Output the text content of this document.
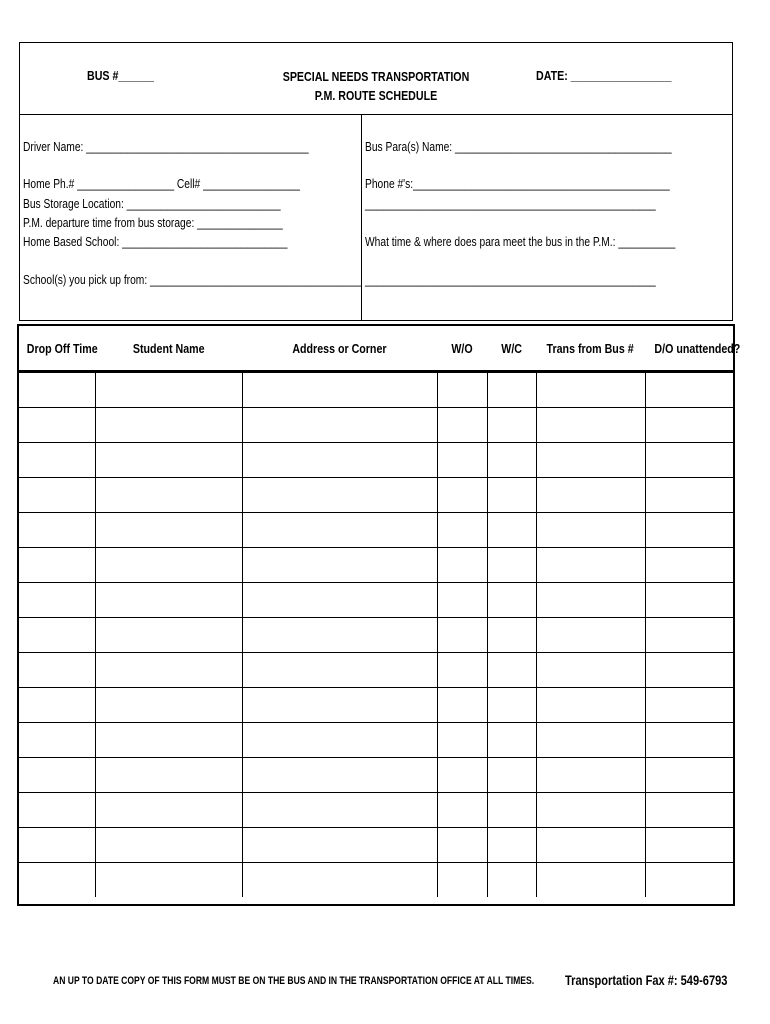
BUS #______	SPECIAL NEEDS TRANSPORTATION
P.M. ROUTE SCHEDULE
DATE: _________________
Driver Name: _______________________________________
Home Ph.# _________________ Cell# _________________
Bus Storage Location: ___________________________
P.M. departure time from bus storage: _______________
Home Based School: _____________________________
School(s) you pick up from: _____________________________________
Bus Para(s) Name: ______________________________________
Phone #'s:_____________________________________________
___________________________________________________
What time & where does para meet the bus in the P.M.: __________
___________________________________________________
Drop Off Time	Student Name	Address or Corner	W/O	W/C	Trans from Bus #	D/O unattended?

AN UP TO DATE COPY OF THIS FORM MUST BE ON THE BUS AND IN THE TRANSPORTATION OFFICE AT ALL TIMES. Transportation Fax #: 549-6793
